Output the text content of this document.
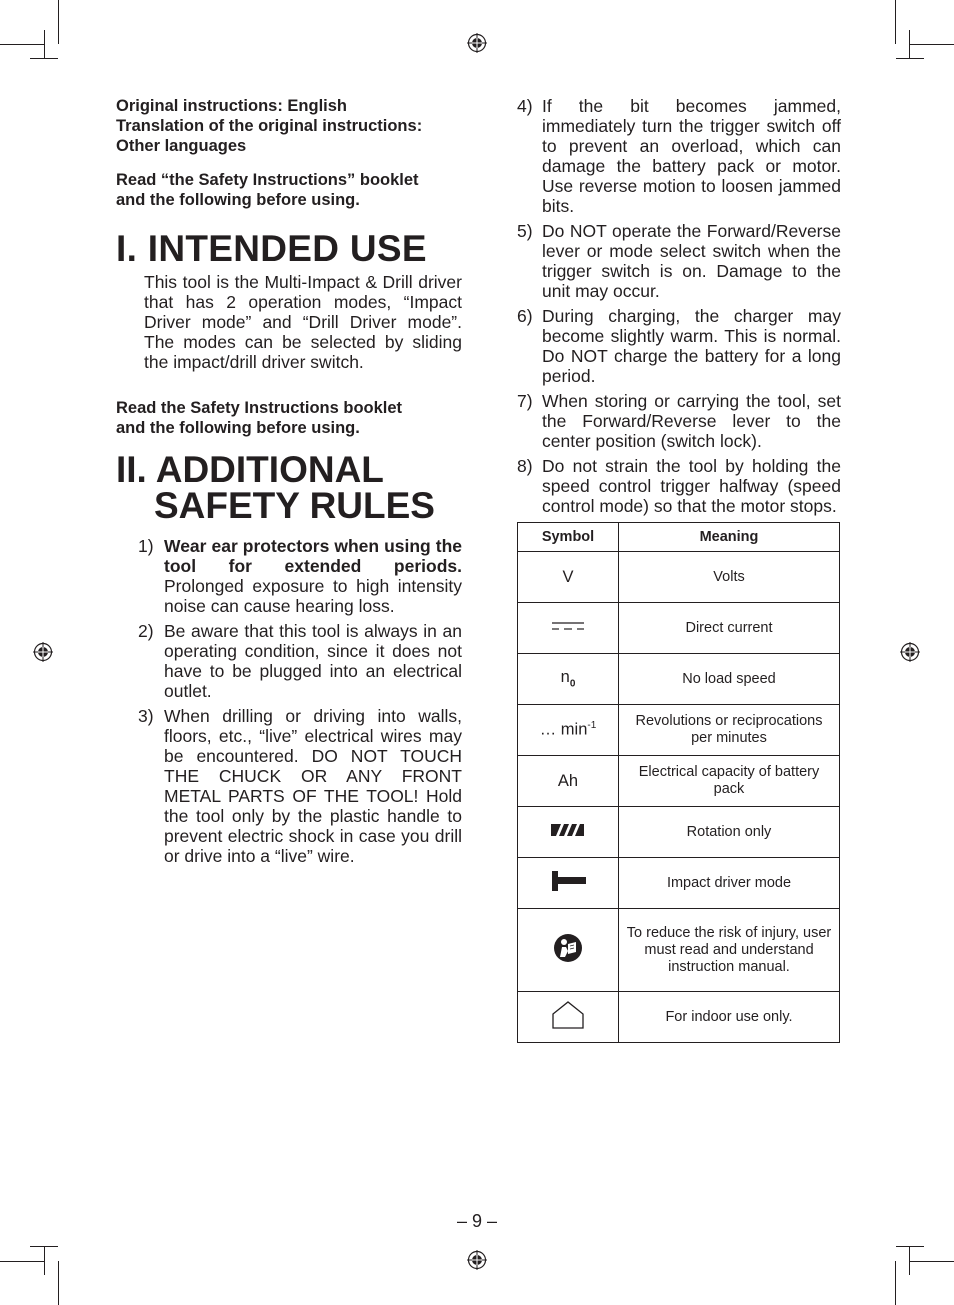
Original instructions: English
Translation of the original instructions:
Other languages

Read “the Safety Instructions” booklet
and the following before using.

I. INTENDED USE

This tool is the Multi-Impact & Drill driver that has 2 operation modes, “Impact Driver mode” and “Drill Driver mode”. The modes can be selected by sliding the impact/drill driver switch.

Read the Safety Instructions booklet
and the following before using.

II. ADDITIONAL
SAFETY RULES
1) Wear ear protectors when using the tool for extended periods. Prolonged exposure to high intensity noise can cause hearing loss.
2) Be aware that this tool is always in an operating condition, since it does not have to be plugged into an electrical outlet.
3) When drilling or driving into walls, floors, etc., “live” electrical wires may be encountered. DO NOT TOUCH THE CHUCK OR ANY FRONT METAL PARTS OF THE TOOL! Hold the tool only by the plastic handle to prevent electric shock in case you drill or drive into a “live” wire.
4) If the bit becomes jammed, immediately turn the trigger switch off to prevent an overload, which can damage the battery pack or motor. Use reverse motion to loosen jammed bits.
5) Do NOT operate the Forward/Reverse lever or mode select switch when the trigger switch is on. Damage to the unit may occur.
6) During charging, the charger may become slightly warm. This is normal. Do NOT charge the battery for a long period.
7) When storing or carrying the tool, set the Forward/Reverse lever to the center position (switch lock).
8) Do not strain the tool by holding the speed control trigger halfway (speed control mode) so that the motor stops.
Symbol	Meaning
V	Volts
	Direct current
$n_0$	No load speed
… $\min^{-1}$	Revolutions or reciprocations per minutes
Ah	Electrical capacity of battery pack
	Rotation only
	Impact driver mode
	To reduce the risk of injury, user must read and understand instruction manual.
	For indoor use only.
– 9 –
